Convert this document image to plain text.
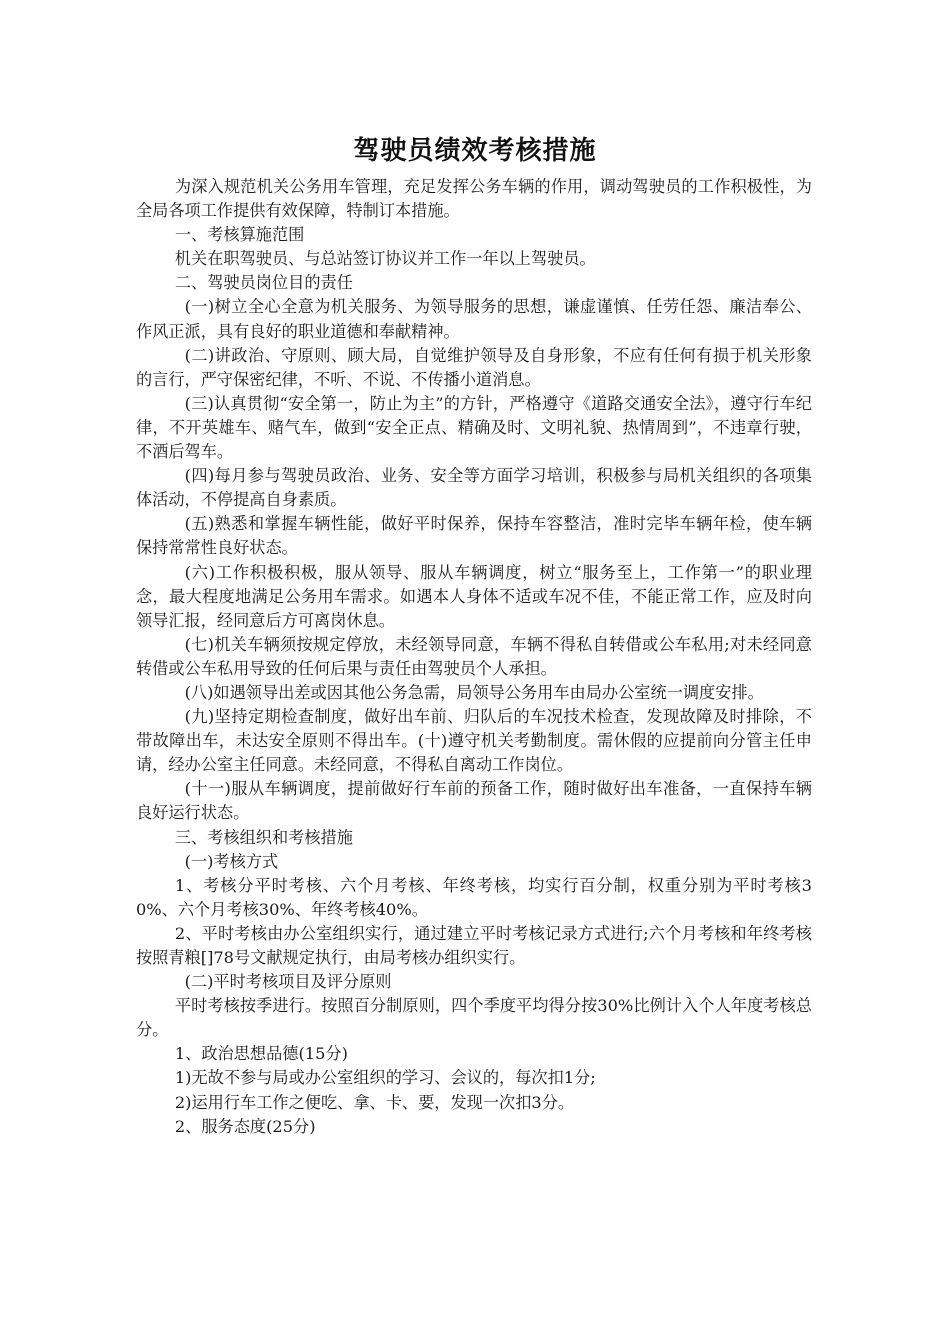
驾驶员绩效考核措施

为深入规范机关公务用车管理，充足发挥公务车辆的作用，调动驾驶员的工作积极性，为全局各项工作提供有效保障，特制订本措施。

一、考核算施范围

机关在职驾驶员、与总站签订协议并工作一年以上驾驶员。

二、驾驶员岗位目的责任

(一)树立全心全意为机关服务、为领导服务的思想，谦虚谨慎、任劳任怨、廉洁奉公、作风正派，具有良好的职业道德和奉献精神。

(二)讲政治、守原则、顾大局，自觉维护领导及自身形象，不应有任何有损于机关形象的言行，严守保密纪律，不听、不说、不传播小道消息。

(三)认真贯彻“安全第一，防止为主”的方针，严格遵守《道路交通安全法》，遵守行车纪律，不开英雄车、赌气车，做到“安全正点、精确及时、文明礼貌、热情周到”，不违章行驶，不酒后驾车。

(四)每月参与驾驶员政治、业务、安全等方面学习培训，积极参与局机关组织的各项集体活动，不停提高自身素质。

(五)熟悉和掌握车辆性能，做好平时保养，保持车容整洁，准时完毕车辆年检，使车辆保持常常性良好状态。

(六)工作积极积极，服从领导、服从车辆调度，树立“服务至上，工作第一”的职业理念，最大程度地满足公务用车需求。如遇本人身体不适或车况不佳，不能正常工作，应及时向领导汇报，经同意后方可离岗休息。

(七)机关车辆须按规定停放，未经领导同意，车辆不得私自转借或公车私用;对未经同意转借或公车私用导致的任何后果与责任由驾驶员个人承担。

(八)如遇领导出差或因其他公务急需，局领导公务用车由局办公室统一调度安排。

(九)坚持定期检查制度，做好出车前、归队后的车况技术检查，发现故障及时排除，不带故障出车，未达安全原则不得出车。(十)遵守机关考勤制度。需休假的应提前向分管主任申请，经办公室主任同意。未经同意，不得私自离动工作岗位。

(十一)服从车辆调度，提前做好行车前的预备工作，随时做好出车准备，一直保持车辆良好运行状态。

三、考核组织和考核措施

(一)考核方式

1、考核分平时考核、六个月考核、年终考核，均实行百分制，权重分别为平时考核30%、六个月考核30%、年终考核40%。

2、平时考核由办公室组织实行，通过建立平时考核记录方式进行;六个月考核和年终考核按照青粮[]78号文献规定执行，由局考核办组织实行。

(二)平时考核项目及评分原则

平时考核按季进行。按照百分制原则，四个季度平均得分按30%比例计入个人年度考核总分。

1、政治思想品德(15分)

1)无故不参与局或办公室组织的学习、会议的，每次扣1分;

2)运用行车工作之便吃、拿、卡、要，发现一次扣3分。

2、服务态度(25分)
